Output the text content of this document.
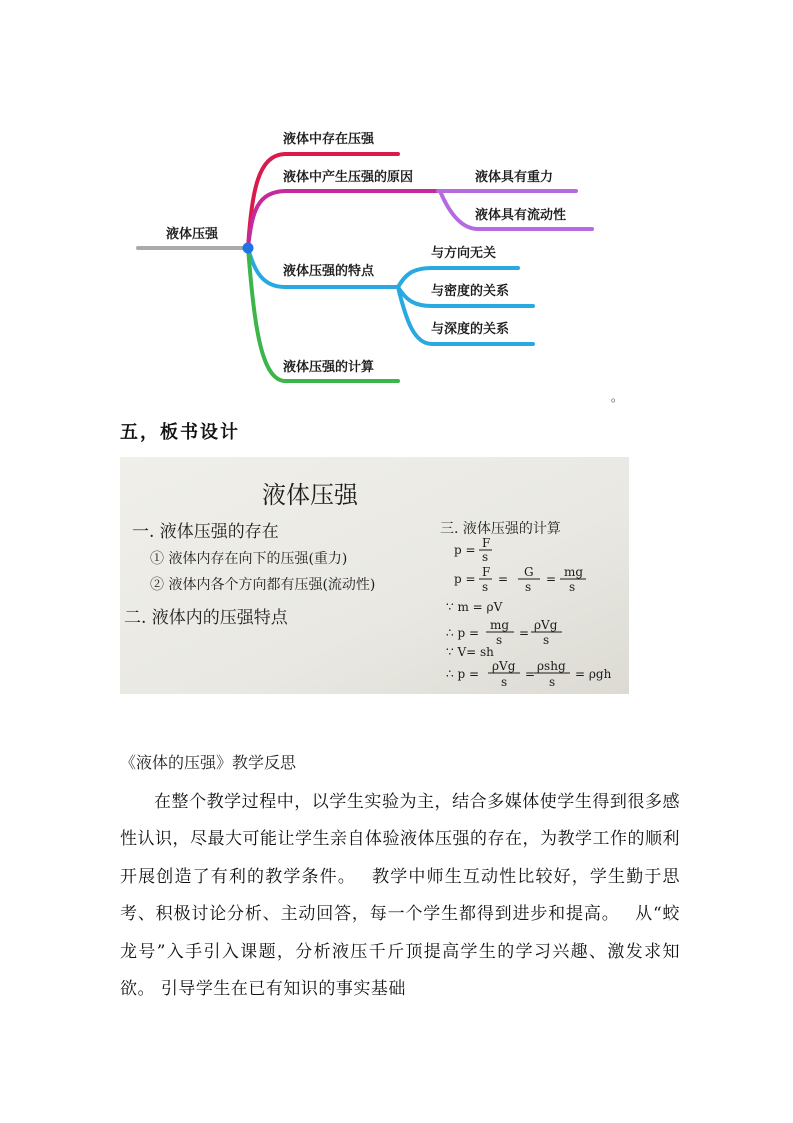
液体压强
液体中存在压强
液体中产生压强的原因	液体具有重力
液体具有流动性
液体压强的特点
与方向无关
与密度的关系
与深度的关系
液体压强的计算
。
五，板书设计
液体压强
一. 液体压强的存在
① 液体内存在向下的压强(重力)
② 液体内各个方向都有压强(流动性)
二. 液体内的压强特点
三. 液体压强的计算
p = F
s
p = F
s
= G
s
= mg
s
∵ m = ρV
∴ p =
mg
s =
ρVg
s
∵ V= sh
∴ p =
ρVg
s
=
ρshg
s
= ρgh
《液体的压强》教学反思

在整个教学过程中，以学生实验为主，结合多媒体使学生得到很多感性认识，尽最大可能让学生亲自体验液体压强的存在，为教学工作的顺利开展创造了有利的教学条件。　 教学中师生互动性比较好，学生勤于思考、积极讨论分析、主动回答，每一个学生都得到进步和提高。　 从“蛟龙号”入手引入课题，分析液压千斤顶提高学生的学习兴趣、激发求知欲。 引导学生在已有知识的事实基础
